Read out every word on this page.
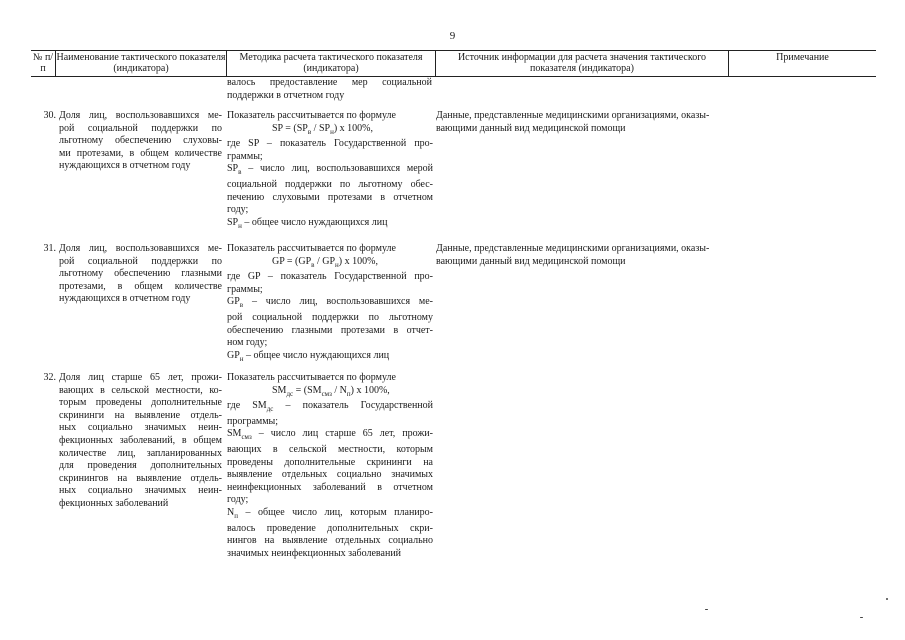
9
№ п/п
Наименование тактического показателя (индикатора)
Методика расчета тактического показателя (индикатора)
Источник информации для расчета значения тактического показателя (индикатора)
Примечание
валось предоставление мер социальной
поддержки в отчетном году
30. Доля лиц, воспользовавшихся ме-
рой социальной поддержки по
льготному обеспечению слуховы-
ми протезами, в общем количестве
нуждающихся в отчетном году
Показатель рассчитывается по формуле
SP = $(SP_в / SP_н)$ x 100%,
где SP – показатель Государственной про-
граммы;
$SP_в$ – число лиц, воспользовавшихся мерой
социальной поддержки по льготному обес-
печению слуховыми протезами в отчетном
году;
$SP_н$ – общее число нуждающихся лиц
Данные, представленные медицинскими организациями, оказы-
вающими данный вид медицинской помощи
31. Доля лиц, воспользовавшихся ме-
рой социальной поддержки по
льготному обеспечению глазными
протезами, в общем количестве
нуждающихся в отчетном году
Показатель рассчитывается по формуле
GP = $(GP_в / GP_н)$ x 100%,
где GP – показатель Государственной про-
граммы;
$GP_в$ – число лиц, воспользовавшихся ме-
рой социальной поддержки по льготному
обеспечению глазными протезами в отчет-
ном году;
$GP_н$ – общее число нуждающихся лиц
Данные, представленные медицинскими организациями, оказы-
вающими данный вид медицинской помощи
32. Доля лиц старше 65 лет, прожи-
вающих в сельской местности, ко-
торым проведены дополнительные
скрининги на выявление отдель-
ных социально значимых неин-
фекционных заболеваний, в общем
количестве лиц, запланированных
для проведения дополнительных
скринингов на выявление отдель-
ных социально значимых неин-
фекционных заболеваний
Показатель рассчитывается по формуле
$SM_{дс} = (SM_{смз} / N_п)$ x 100%,
где $SM_{дс}$ – показатель Государственной
программы;
$SM_{смз}$ – число лиц старше 65 лет, прожи-
вающих в сельской местности, которым
проведены дополнительные скрининги на
выявление отдельных социально значимых
неинфекционных заболеваний в отчетном
году;
$N_п$ – общее число лиц, которым планиро-
валось проведение дополнительных скри-
нингов на выявление отдельных социально
значимых неинфекционных заболеваний
